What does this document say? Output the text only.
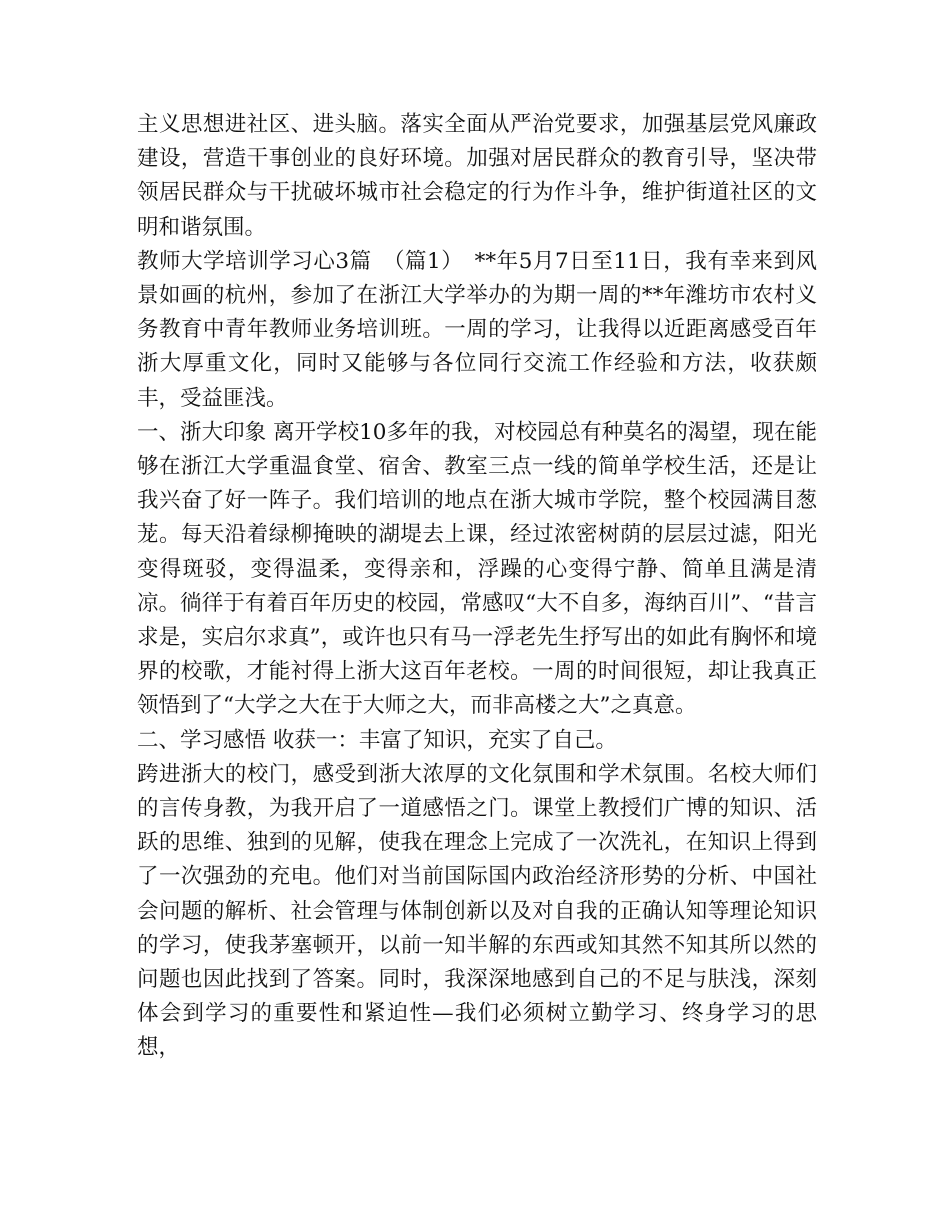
主义思想进社区、进头脑。落实全面从严治党要求，加强基层党风廉政建设，营造干事创业的良好环境。加强对居民群众的教育引导，坚决带领居民群众与干扰破坏城市社会稳定的行为作斗争，维护街道社区的文明和谐氛围。

教师大学培训学习心3篇　（篇1）　**年5月7日至11日，我有幸来到风景如画的杭州，参加了在浙江大学举办的为期一周的**年潍坊市农村义务教育中青年教师业务培训班。一周的学习，让我得以近距离感受百年浙大厚重文化，同时又能够与各位同行交流工作经验和方法，收获颇丰，受益匪浅。

一、浙大印象 离开学校10多年的我，对校园总有种莫名的渴望，现在能够在浙江大学重温食堂、宿舍、教室三点一线的简单学校生活，还是让我兴奋了好一阵子。我们培训的地点在浙大城市学院，整个校园满目葱茏。每天沿着绿柳掩映的湖堤去上课，经过浓密树荫的层层过滤，阳光变得斑驳，变得温柔，变得亲和，浮躁的心变得宁静、简单且满是清凉。徜徉于有着百年历史的校园，常感叹“大不自多，海纳百川”、“昔言求是，实启尔求真”，或许也只有马一浮老先生抒写出的如此有胸怀和境界的校歌，才能衬得上浙大这百年老校。一周的时间很短，却让我真正领悟到了“大学之大在于大师之大，而非高楼之大”之真意。

二、学习感悟 收获一：丰富了知识，充实了自己。

跨进浙大的校门，感受到浙大浓厚的文化氛围和学术氛围。名校大师们的言传身教，为我开启了一道感悟之门。课堂上教授们广博的知识、活跃的思维、独到的见解，使我在理念上完成了一次洗礼，在知识上得到了一次强劲的充电。他们对当前国际国内政治经济形势的分析、中国社会问题的解析、社会管理与体制创新以及对自我的正确认知等理论知识的学习，使我茅塞顿开，以前一知半解的东西或知其然不知其所以然的问题也因此找到了答案。同时，我深深地感到自己的不足与肤浅，深刻体会到学习的重要性和紧迫性—我们必须树立勤学习、终身学习的思想，
